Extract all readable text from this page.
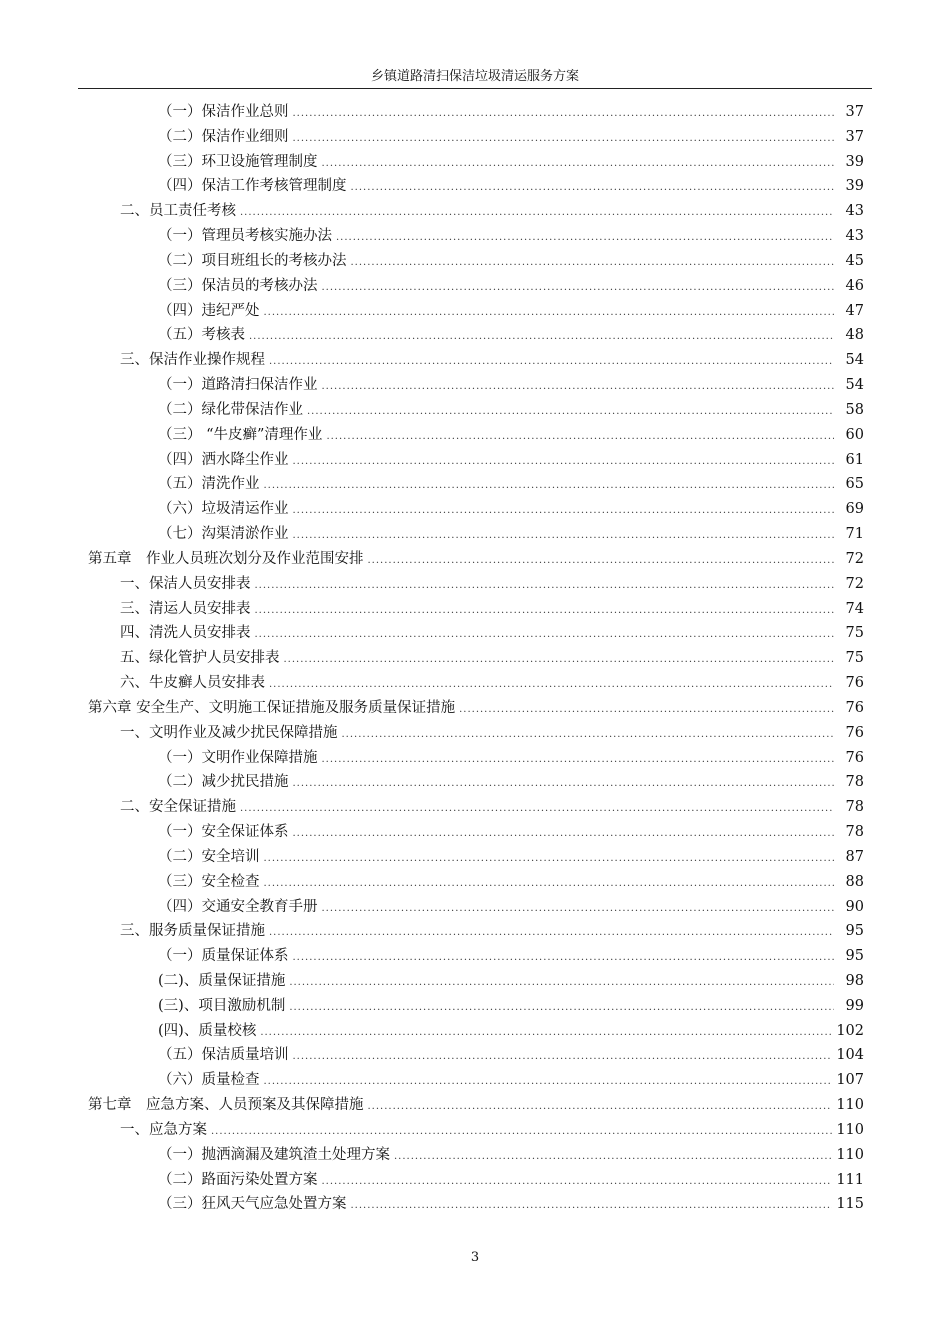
乡镇道路清扫保洁垃圾清运服务方案
（一）保洁作业总则 .....	37
（二）保洁作业细则 .....	37
（三）环卫设施管理制度 .....	39
（四）保洁工作考核管理制度 .....	39
二、员工责任考核 .....	43
（一）管理员考核实施办法 .....	43
（二）项目班组长的考核办法 .....	45
（三）保洁员的考核办法 .....	46
（四）违纪严处 .....	47
（五）考核表 .....	48
三、保洁作业操作规程 .....	54
（一）道路清扫保洁作业 .....	54
（二）绿化带保洁作业 .....	58
（三） “牛皮癣”清理作业 .....	60
（四）洒水降尘作业 .....	61
（五）清洗作业 .....	65
（六）垃圾清运作业 .....	69
（七）沟渠清淤作业 .....	71
第五章　作业人员班次划分及作业范围安排 .....	72
一、保洁人员安排表 .....	72
三、清运人员安排表 .....	74
四、清洗人员安排表 .....	75
五、绿化管护人员安排表 .....	75
六、牛皮癣人员安排表 .....	76
第六章 安全生产、文明施工保证措施及服务质量保证措施 .....	76
一、文明作业及减少扰民保障措施 .....	76
（一）文明作业保障措施 .....	76
（二）减少扰民措施 .....	78
二、安全保证措施 .....	78
（一）安全保证体系 .....	78
（二）安全培训 .....	87
（三）安全检查 .....	88
（四）交通安全教育手册 .....	90
三、服务质量保证措施 .....	95
（一）质量保证体系 .....	95
(二)、质量保证措施 .....	98
(三)、项目激励机制 .....	99
(四)、质量校核 .....	102
（五）保洁质量培训 .....	104
（六）质量检查 .....	107
第七章　应急方案、人员预案及其保障措施 .....	110
一、应急方案 .....	110
（一）抛洒滴漏及建筑渣土处理方案 .....	110
（二）路面污染处置方案 .....	111
（三）狂风天气应急处置方案 .....	115
3
